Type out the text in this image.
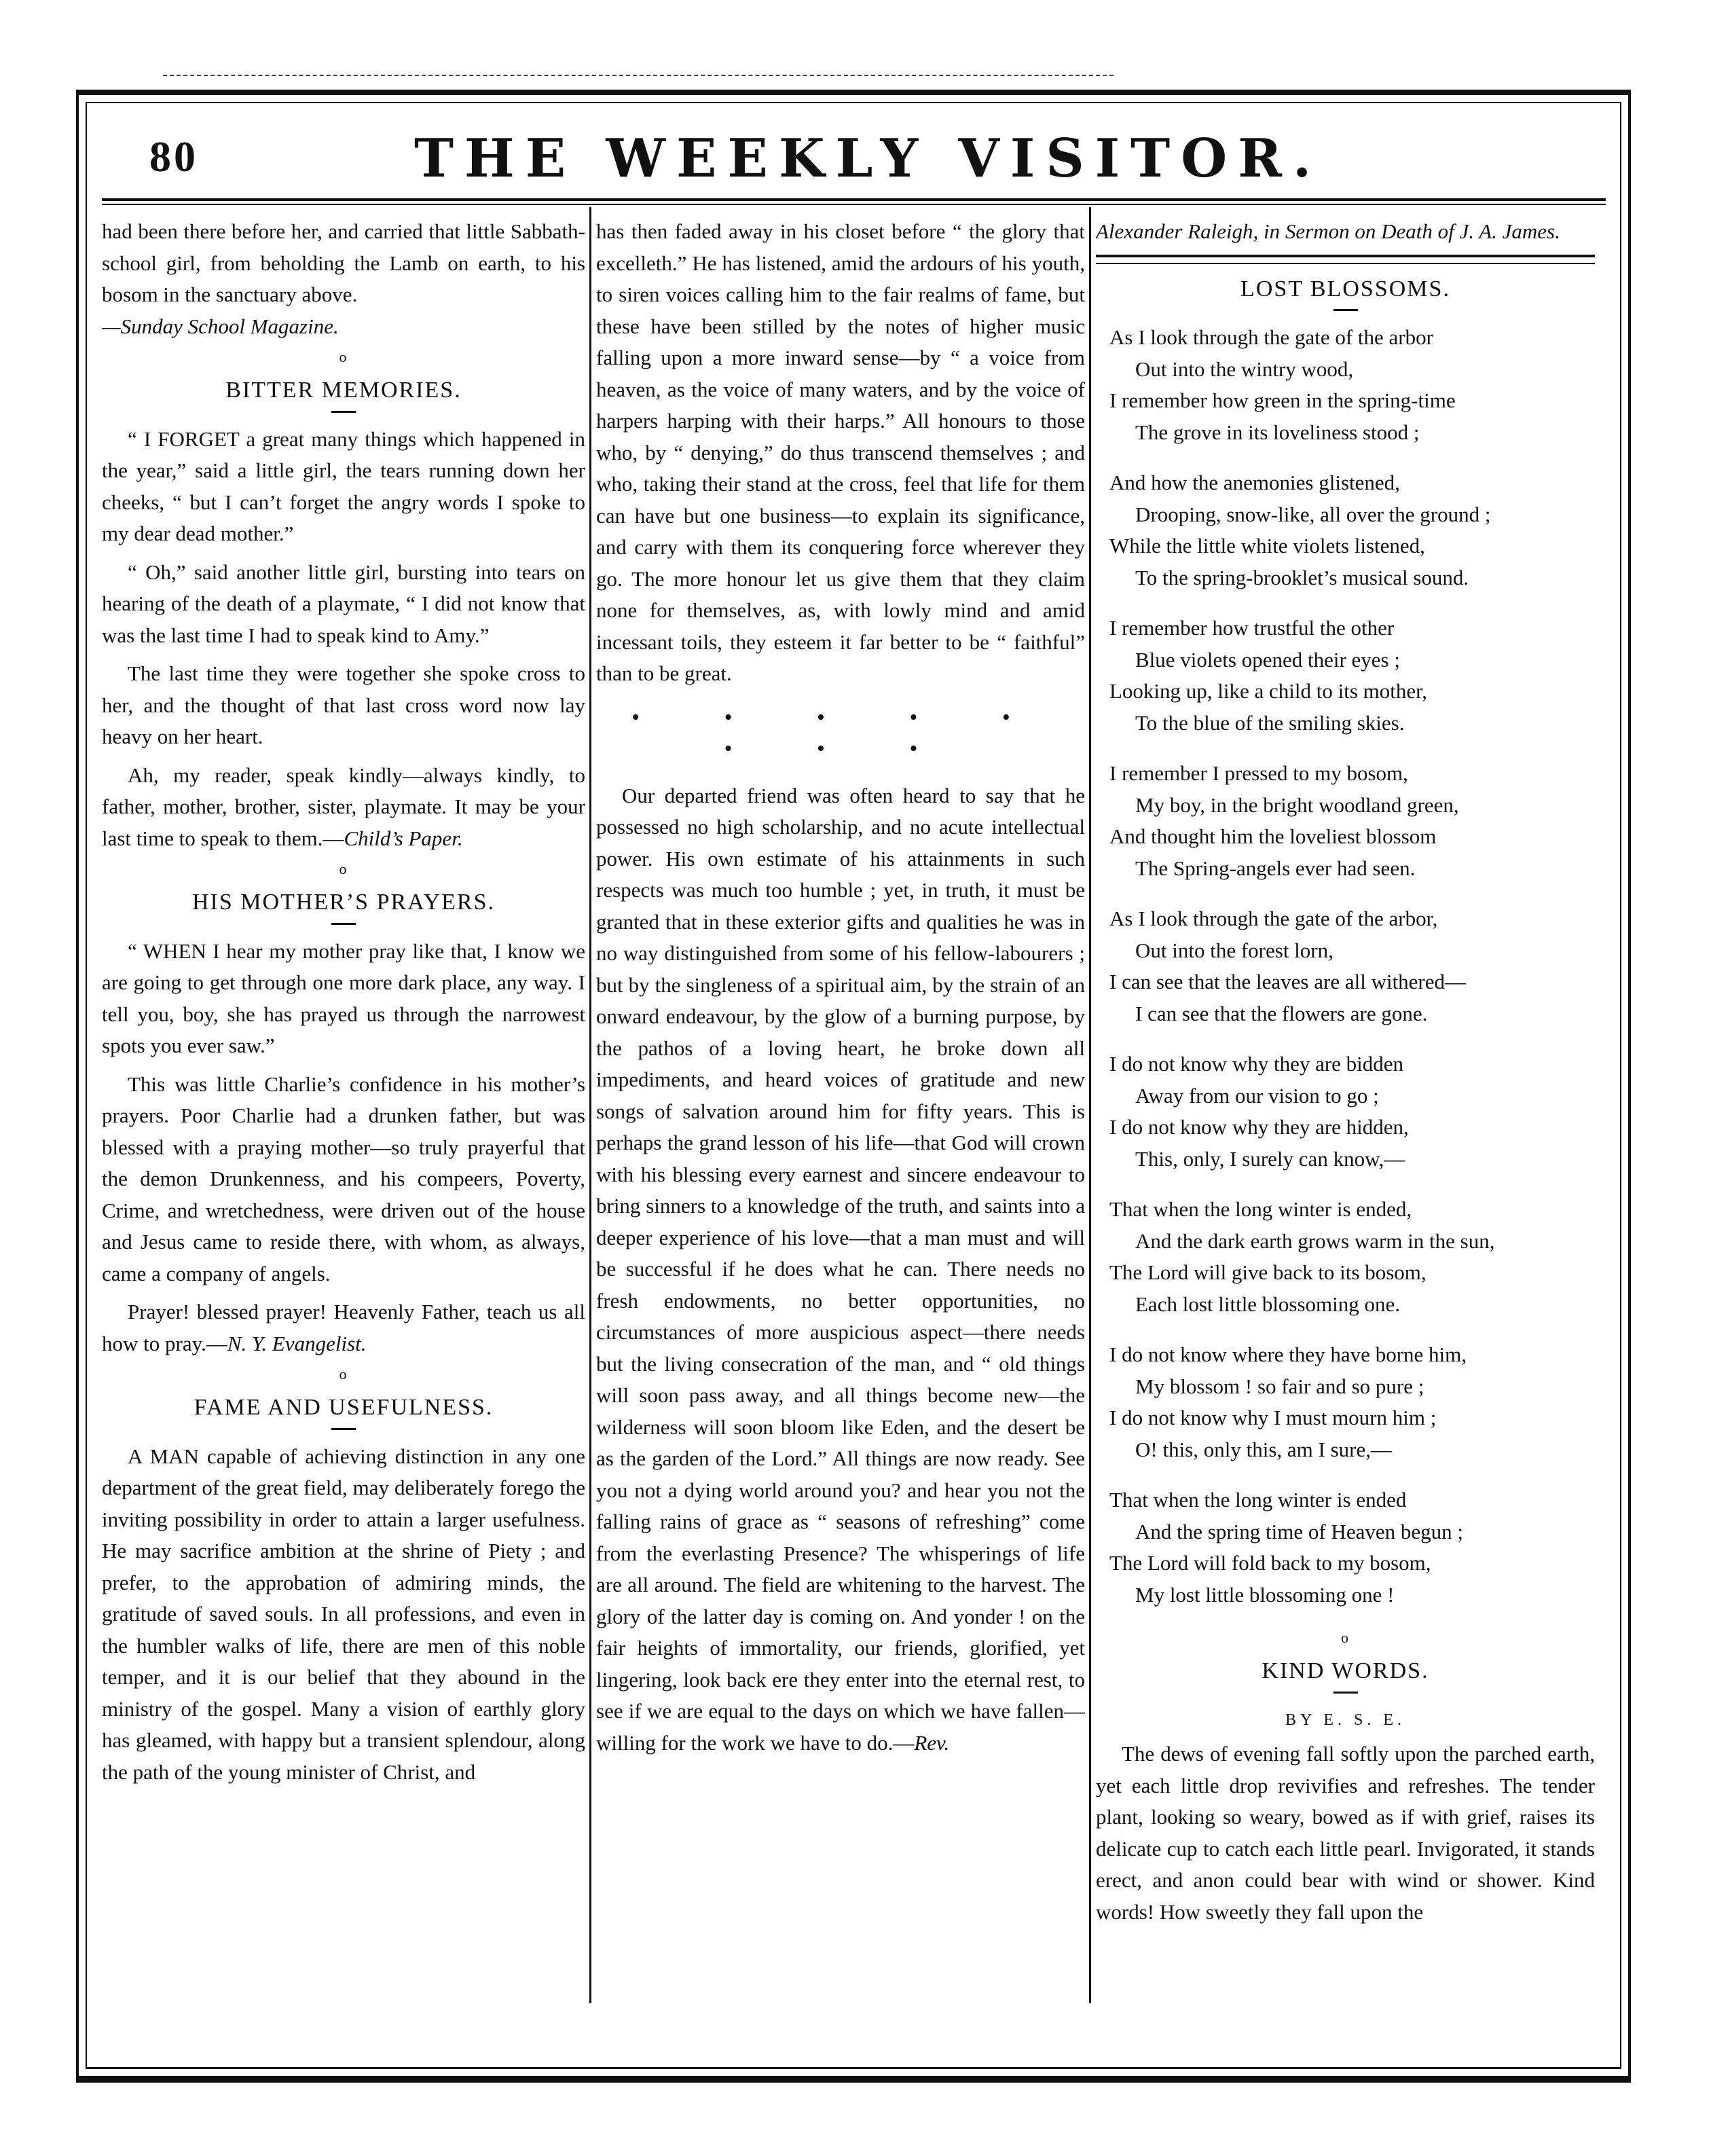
80	THE WEEKLY VISITOR.

had been there before her, and carried that little Sabbath-school girl, from beholding the Lamb on earth, to his bosom in the sanctuary above.
—Sunday School Magazine.

o
BITTER MEMORIES.

“ I FORGET a great many things which happened in the year,” said a little girl, the tears running down her cheeks, “ but I can’t forget the angry words I spoke to my dear dead mother.”

“ Oh,” said another little girl, bursting into tears on hearing of the death of a playmate, “ I did not know that was the last time I had to speak kind to Amy.”

The last time they were together she spoke cross to her, and the thought of that last cross word now lay heavy on her heart.

Ah, my reader, speak kindly—always kindly, to father, mother, brother, sister, playmate. It may be your last time to speak to them.—Child’s Paper.

o
HIS MOTHER’S PRAYERS.

“ WHEN I hear my mother pray like that, I know we are going to get through one more dark place, any way. I tell you, boy, she has prayed us through the narrowest spots you ever saw.”

This was little Charlie’s confidence in his mother’s prayers. Poor Charlie had a drunken father, but was blessed with a praying mother—so truly prayerful that the demon Drunkenness, and his compeers, Poverty, Crime, and wretchedness, were driven out of the house and Jesus came to reside there, with whom, as always, came a company of angels.

Prayer! blessed prayer! Heavenly Father, teach us all how to pray.—N. Y. Evangelist.

o
FAME AND USEFULNESS.

A MAN capable of achieving distinction in any one department of the great field, may deliberately forego the inviting possibility in order to attain a larger usefulness. He may sacrifice ambition at the shrine of Piety ; and prefer, to the approbation of admiring minds, the gratitude of saved souls. In all professions, and even in the humbler walks of life, there are men of this noble temper, and it is our belief that they abound in the ministry of the gospel. Many a vision of earthly glory has gleamed, with happy but a transient splendour, along the path of the young minister of Christ, and

has then faded away in his closet before “ the glory that excelleth.” He has listened, amid the ardours of his youth, to siren voices calling him to the fair realms of fame, but these have been stilled by the notes of higher music falling upon a more inward sense—by “ a voice from heaven, as the voice of many waters, and by the voice of harpers harping with their harps.” All honours to those who, by “ denying,” do thus transcend themselves ; and who, taking their stand at the cross, feel that life for them can have but one business—to explain its significance, and carry with them its conquering force wherever they go. The more honour let us give them that they claim none for themselves, as, with lowly mind and amid incessant toils, they esteem it far better to be “ faithful” than to be great.

• • • • • • • •

Our departed friend was often heard to say that he possessed no high scholarship, and no acute intellectual power. His own estimate of his attainments in such respects was much too humble ; yet, in truth, it must be granted that in these exterior gifts and qualities he was in no way distinguished from some of his fellow-labourers ; but by the singleness of a spiritual aim, by the strain of an onward endeavour, by the glow of a burning purpose, by the pathos of a loving heart, he broke down all impediments, and heard voices of gratitude and new songs of salvation around him for fifty years. This is perhaps the grand lesson of his life—that God will crown with his blessing every earnest and sincere endeavour to bring sinners to a knowledge of the truth, and saints into a deeper experience of his love—that a man must and will be successful if he does what he can. There needs no fresh endowments, no better opportunities, no circumstances of more auspicious aspect—there needs but the living consecration of the man, and “ old things will soon pass away, and all things become new—the wilderness will soon bloom like Eden, and the desert be as the garden of the Lord.” All things are now ready. See you not a dying world around you? and hear you not the falling rains of grace as “ seasons of refreshing” come from the everlasting Presence? The whisperings of life are all around. The field are whitening to the harvest. The glory of the latter day is coming on. And yonder ! on the fair heights of immortality, our friends, glorified, yet lingering, look back ere they enter into the eternal rest, to see if we are equal to the days on which we have fallen—willing for the work we have to do.—Rev.

Alexander Raleigh, in Sermon on Death of J. A. James.

LOST BLOSSOMS.
As I look through the gate of the arbor
Out into the wintry wood,
I remember how green in the spring-time
The grove in its loveliness stood ;
And how the anemonies glistened,
Drooping, snow-like, all over the ground ;
While the little white violets listened,
To the spring-brooklet’s musical sound.
I remember how trustful the other
Blue violets opened their eyes ;
Looking up, like a child to its mother,
To the blue of the smiling skies.
I remember I pressed to my bosom,
My boy, in the bright woodland green,
And thought him the loveliest blossom
The Spring-angels ever had seen.
As I look through the gate of the arbor,
Out into the forest lorn,
I can see that the leaves are all withered—
I can see that the flowers are gone.
I do not know why they are bidden
Away from our vision to go ;
I do not know why they are hidden,
This, only, I surely can know,—
That when the long winter is ended,
And the dark earth grows warm in the sun,
The Lord will give back to its bosom,
Each lost little blossoming one.
I do not know where they have borne him,
My blossom ! so fair and so pure ;
I do not know why I must mourn him ;
O! this, only this, am I sure,—
That when the long winter is ended
And the spring time of Heaven begun ;
The Lord will fold back to my bosom,
My lost little blossoming one !
o
KIND WORDS.
BY E. S. E.

The dews of evening fall softly upon the parched earth, yet each little drop revivifies and refreshes. The tender plant, looking so weary, bowed as if with grief, raises its delicate cup to catch each little pearl. Invigorated, it stands erect, and anon could bear with wind or shower. Kind words! How sweetly they fall upon the
